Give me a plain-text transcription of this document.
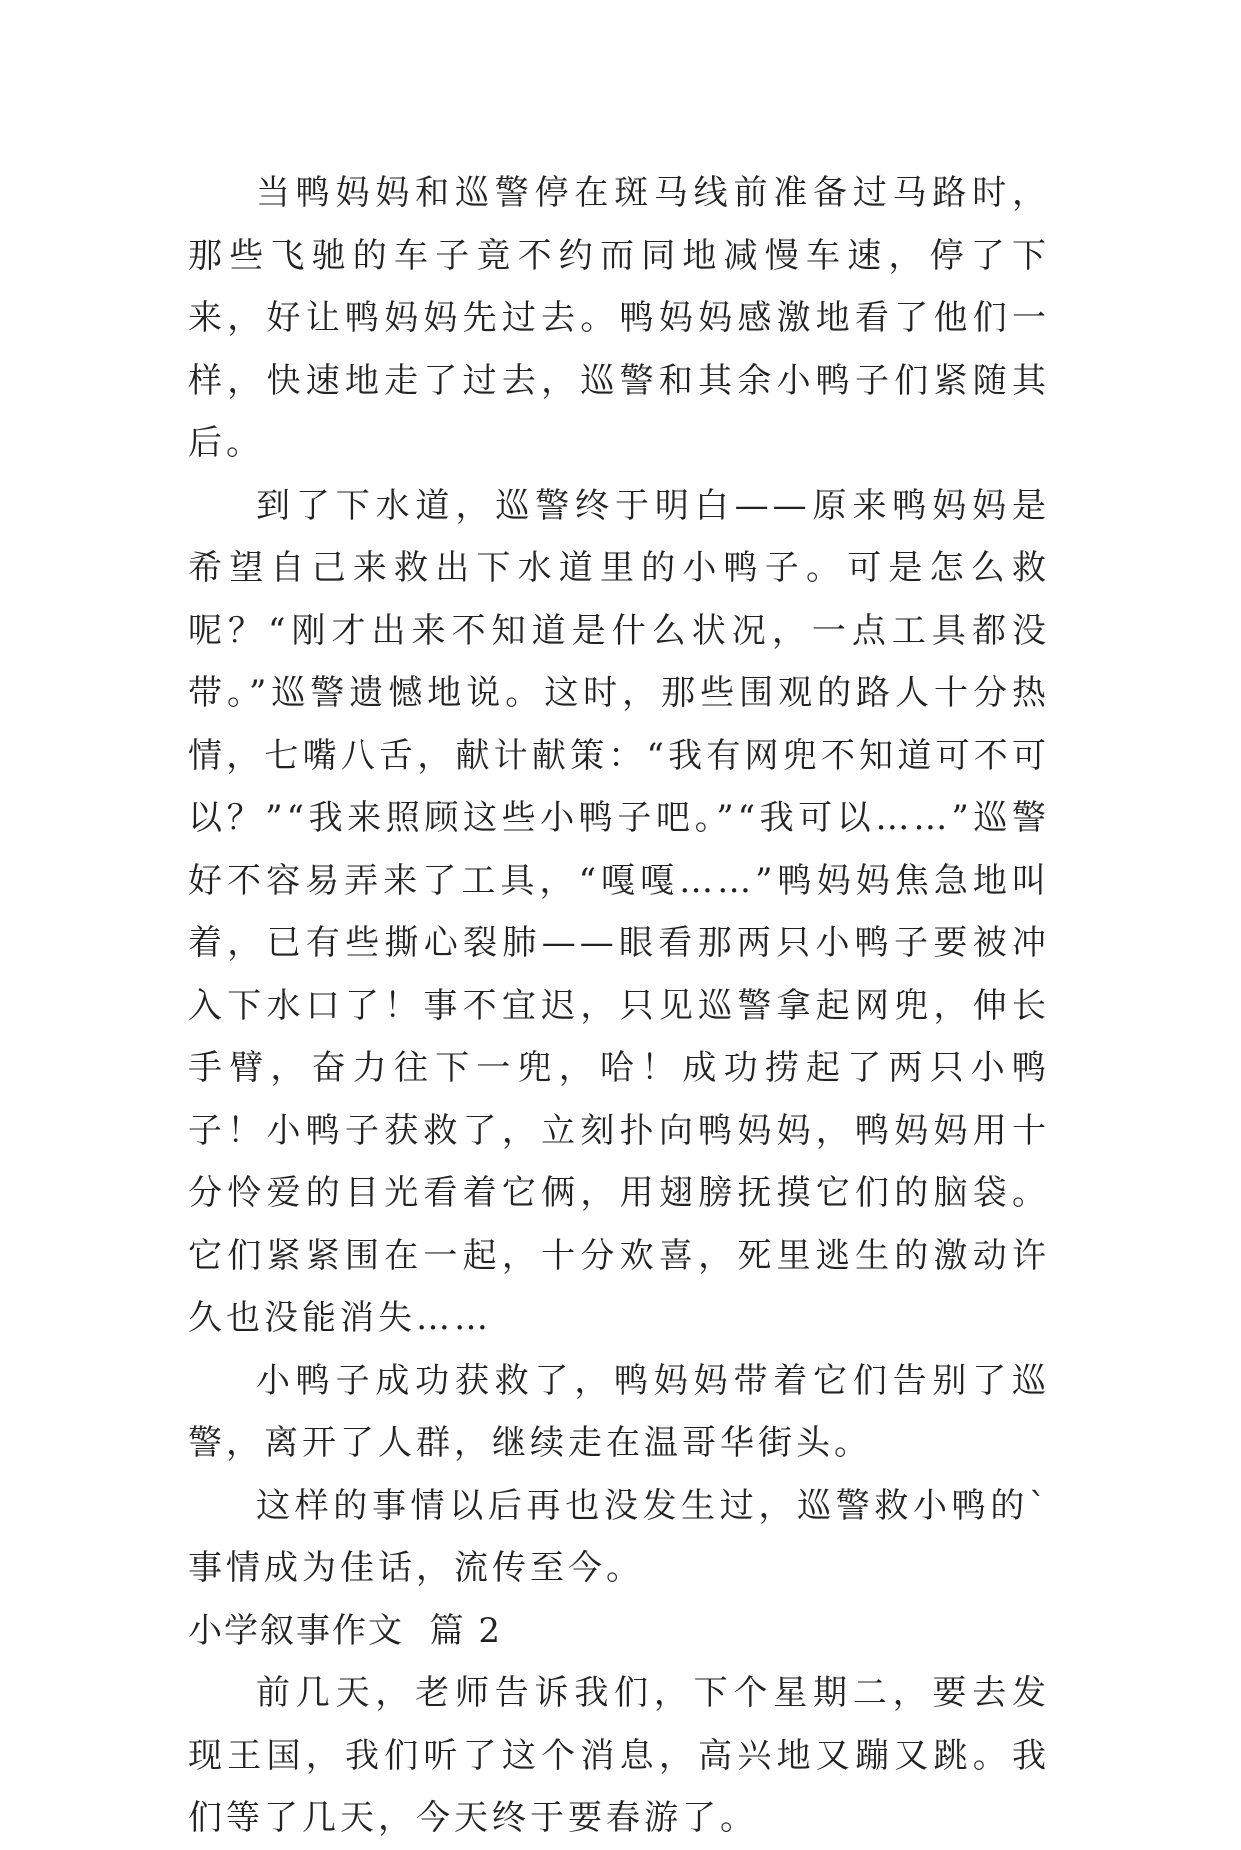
当鸭妈妈和巡警停在斑马线前准备过马路时，那些飞驰的车子竟不约而同地减慢车速，停了下来，好让鸭妈妈先过去。鸭妈妈感激地看了他们一样，快速地走了过去，巡警和其余小鸭子们紧随其后。

到了下水道，巡警终于明白——原来鸭妈妈是希望自己来救出下水道里的小鸭子。可是怎么救呢？“刚才出来不知道是什么状况，一点工具都没带。”巡警遗憾地说。这时，那些围观的路人十分热情，七嘴八舌，献计献策：“我有网兜不知道可不可以？”“我来照顾这些小鸭子吧。”“我可以……”巡警好不容易弄来了工具，“嘎嘎……”鸭妈妈焦急地叫着，已有些撕心裂肺——眼看那两只小鸭子要被冲入下水口了！事不宜迟，只见巡警拿起网兜，伸长手臂，奋力往下一兜，哈！成功捞起了两只小鸭子！小鸭子获救了，立刻扑向鸭妈妈，鸭妈妈用十分怜爱的目光看着它俩，用翅膀抚摸它们的脑袋。它们紧紧围在一起，十分欢喜，死里逃生的激动许久也没能消失……

小鸭子成功获救了，鸭妈妈带着它们告别了巡警，离开了人群，继续走在温哥华街头。

这样的事情以后再也没发生过，巡警救小鸭的`事情成为佳话，流传至今。

小学叙事作文  篇 2

前几天，老师告诉我们，下个星期二，要去发现王国，我们听了这个消息，高兴地又蹦又跳。我们等了几天，今天终于要春游了。
